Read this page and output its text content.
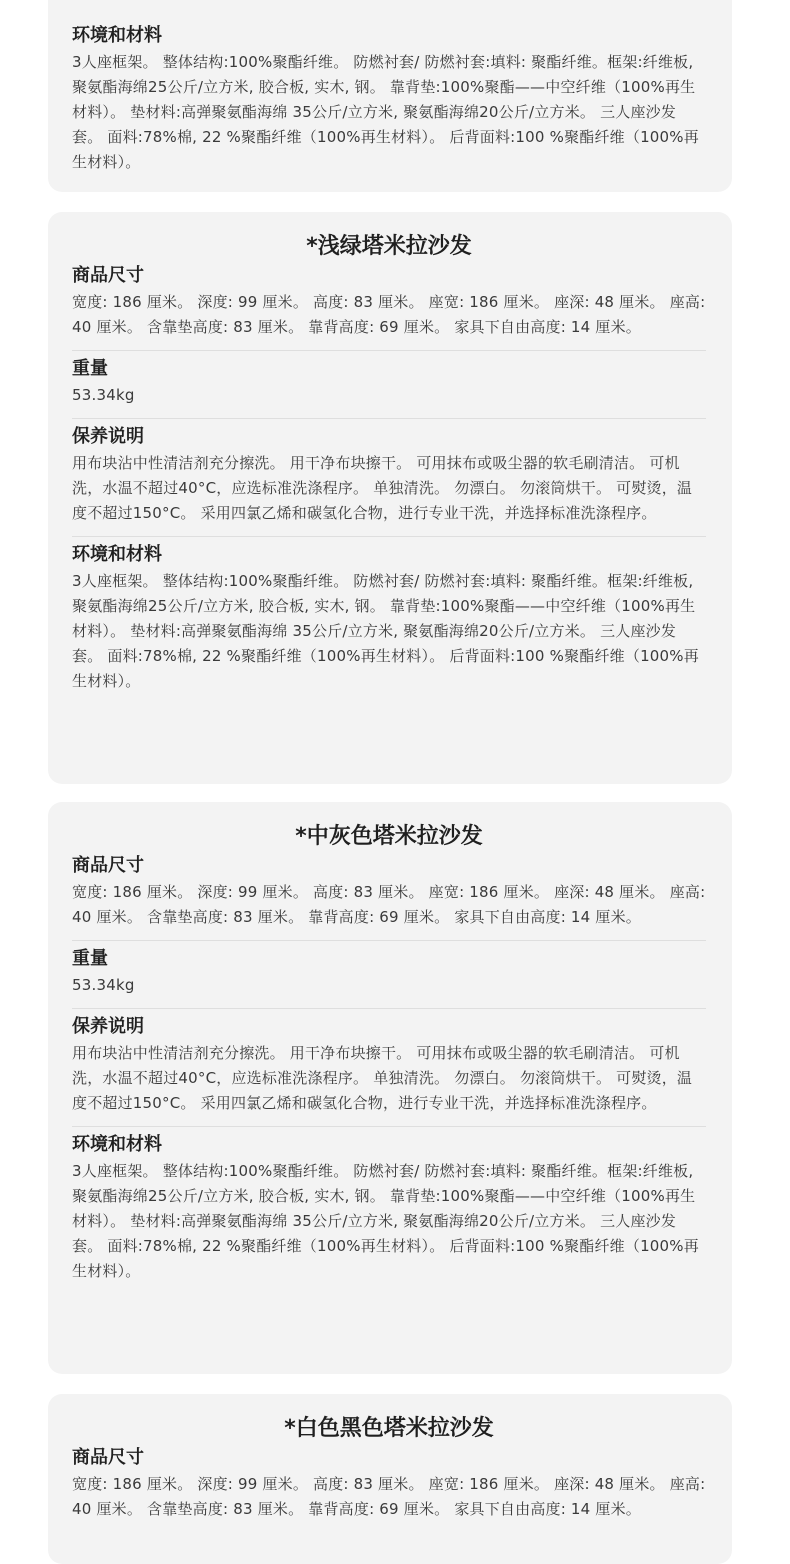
环境和材料

3人座框架。 整体结构:100%聚酯纤维。 防燃衬套/ 防燃衬套:填料: 聚酯纤维。框架:纤维板, 聚氨酯海绵25公斤/立方米, 胶合板, 实木, 钢。 靠背垫:100%聚酯——中空纤维（100%再生材料）。 垫材料:高弹聚氨酯海绵 35公斤/立方米, 聚氨酯海绵20公斤/立方米。 三人座沙发套。 面料:78%棉, 22 %聚酯纤维（100%再生材料）。 后背面料:100 %聚酯纤维（100%再生材料）。

*浅绿塔米拉沙发
商品尺寸

宽度: 186 厘米。 深度: 99 厘米。 高度: 83 厘米。 座宽: 186 厘米。 座深: 48 厘米。 座高: 40 厘米。 含靠垫高度: 83 厘米。 靠背高度: 69 厘米。 家具下自由高度: 14 厘米。

重量

53.34kg

保养说明

用布块沾中性清洁剂充分擦洗。 用干净布块擦干。 可用抹布或吸尘器的软毛刷清洁。 可机洗，水温不超过40°C，应选标准洗涤程序。 单独清洗。 勿漂白。 勿滚筒烘干。 可熨烫，温度不超过150°C。 采用四氯乙烯和碳氢化合物，进行专业干洗，并选择标准洗涤程序。

环境和材料

3人座框架。 整体结构:100%聚酯纤维。 防燃衬套/ 防燃衬套:填料: 聚酯纤维。框架:纤维板, 聚氨酯海绵25公斤/立方米, 胶合板, 实木, 钢。 靠背垫:100%聚酯——中空纤维（100%再生材料）。 垫材料:高弹聚氨酯海绵 35公斤/立方米, 聚氨酯海绵20公斤/立方米。 三人座沙发套。 面料:78%棉, 22 %聚酯纤维（100%再生材料）。 后背面料:100 %聚酯纤维（100%再生材料）。

*中灰色塔米拉沙发
商品尺寸

宽度: 186 厘米。 深度: 99 厘米。 高度: 83 厘米。 座宽: 186 厘米。 座深: 48 厘米。 座高: 40 厘米。 含靠垫高度: 83 厘米。 靠背高度: 69 厘米。 家具下自由高度: 14 厘米。

重量

53.34kg

保养说明

用布块沾中性清洁剂充分擦洗。 用干净布块擦干。 可用抹布或吸尘器的软毛刷清洁。 可机洗，水温不超过40°C，应选标准洗涤程序。 单独清洗。 勿漂白。 勿滚筒烘干。 可熨烫，温度不超过150°C。 采用四氯乙烯和碳氢化合物，进行专业干洗，并选择标准洗涤程序。

环境和材料

3人座框架。 整体结构:100%聚酯纤维。 防燃衬套/ 防燃衬套:填料: 聚酯纤维。框架:纤维板, 聚氨酯海绵25公斤/立方米, 胶合板, 实木, 钢。 靠背垫:100%聚酯——中空纤维（100%再生材料）。 垫材料:高弹聚氨酯海绵 35公斤/立方米, 聚氨酯海绵20公斤/立方米。 三人座沙发套。 面料:78%棉, 22 %聚酯纤维（100%再生材料）。 后背面料:100 %聚酯纤维（100%再生材料）。

*白色黑色塔米拉沙发
商品尺寸

宽度: 186 厘米。 深度: 99 厘米。 高度: 83 厘米。 座宽: 186 厘米。 座深: 48 厘米。 座高: 40 厘米。 含靠垫高度: 83 厘米。 靠背高度: 69 厘米。 家具下自由高度: 14 厘米。
